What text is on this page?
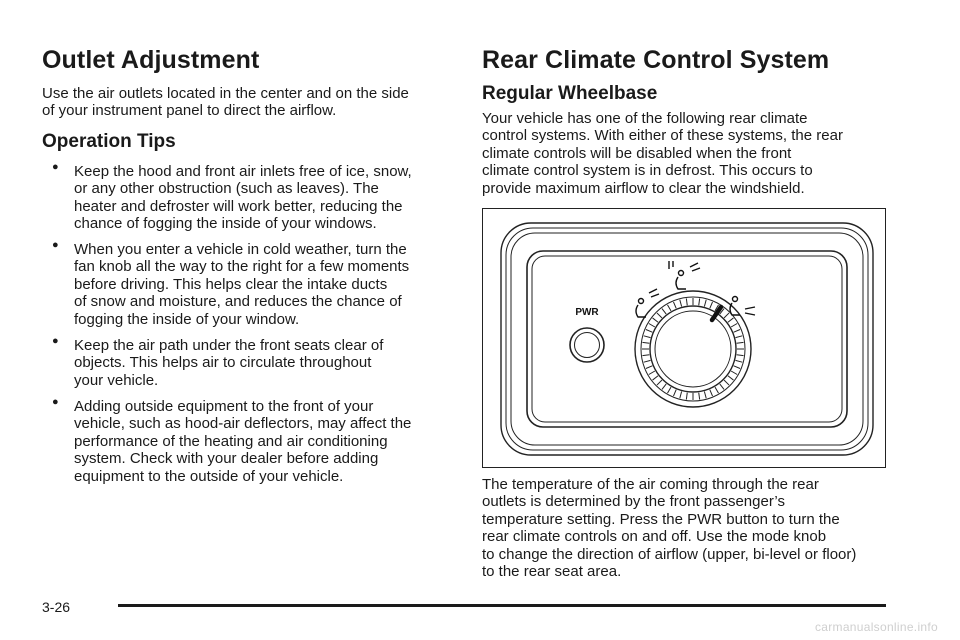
Outlet Adjustment

Use the air outlets located in the center and on the side
of your instrument panel to direct the airflow.

Operation Tips
● Keep the hood and front air inlets free of ice, snow,
or any other obstruction (such as leaves). The
heater and defroster will work better, reducing the
chance of fogging the inside of your windows.
● When you enter a vehicle in cold weather, turn the
fan knob all the way to the right for a few moments
before driving. This helps clear the intake ducts
of snow and moisture, and reduces the chance of
fogging the inside of your window.
● Keep the air path under the front seats clear of
objects. This helps air to circulate throughout
your vehicle.
● Adding outside equipment to the front of your
vehicle, such as hood-air deflectors, may affect the
performance of the heating and air conditioning
system. Check with your dealer before adding
equipment to the outside of your vehicle.
Rear Climate Control System
Regular Wheelbase

Your vehicle has one of the following rear climate
control systems. With either of these systems, the rear
climate controls will be disabled when the front
climate control system is in defrost. This occurs to
provide maximum airflow to clear the windshield.

The temperature of the air coming through the rear
outlets is determined by the front passenger’s
temperature setting. Press the PWR button to turn the
rear climate controls on and off. Use the mode knob
to change the direction of airflow (upper, bi-level or floor)
to the rear seat area.

PWR
3-26
carmanualsonline.info
